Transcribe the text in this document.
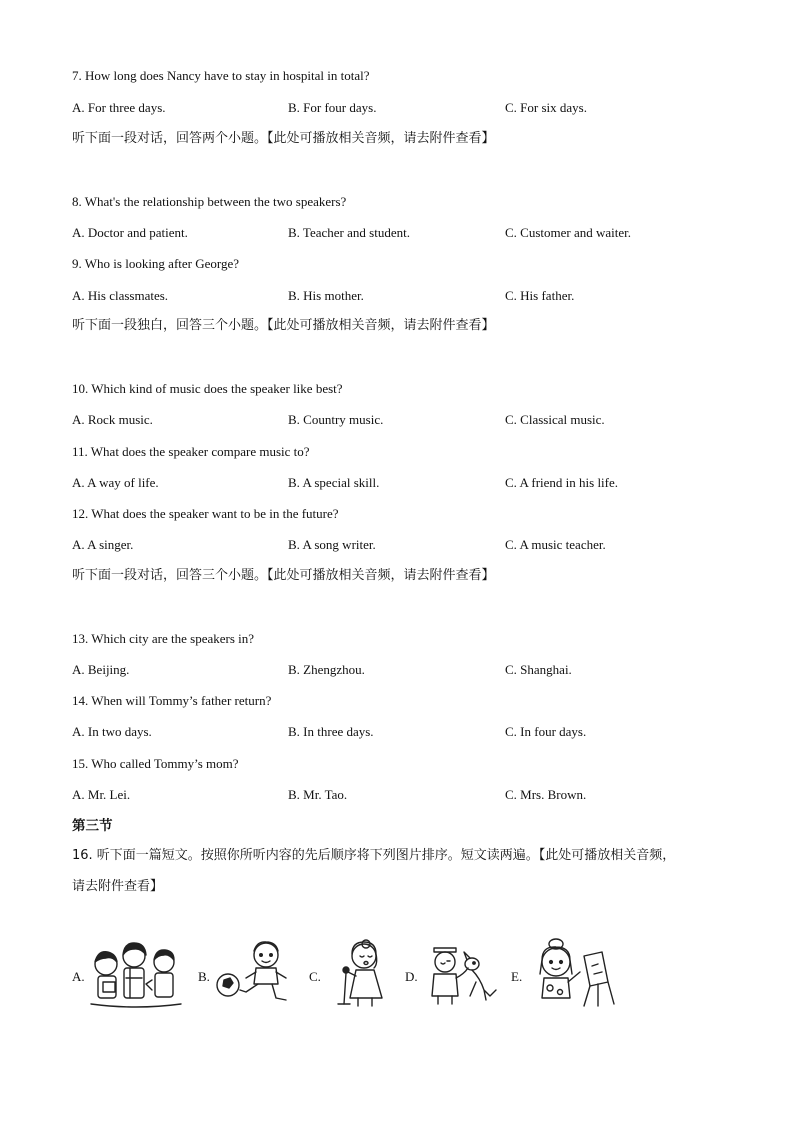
7. How long does Nancy have to stay in hospital in total?
A. For three days.	B. For four days.	C. For six days.
听下面一段对话，回答两个小题。【此处可播放相关音频，请去附件查看】
8. What's the relationship between the two speakers?
A. Doctor and patient.	B. Teacher and student.	C. Customer and waiter.
9. Who is looking after George?
A. His classmates.	B. His mother.	C. His father.
听下面一段独白，回答三个小题。【此处可播放相关音频，请去附件查看】
10. Which kind of music does the speaker like best?
A. Rock music.	B. Country music.	C. Classical music.
11. What does the speaker compare music to?
A. A way of life.	B. A special skill.	C. A friend in his life.
12. What does the speaker want to be in the future?
A. A singer.	B. A song writer.	C. A music teacher.
听下面一段对话，回答三个小题。【此处可播放相关音频，请去附件查看】
13. Which city are the speakers in?
A. Beijing.	B. Zhengzhou.	C. Shanghai.
14. When will Tommy’s father return?
A. In two days.	B. In three days.	C. In four days.
15. Who called Tommy’s mom?
A. Mr. Lei.	B. Mr. Tao.	C. Mrs. Brown.
第三节
16. 听下面一篇短文。按照你所听内容的先后顺序将下列图片排序。短文读两遍。【此处可播放相关音频，
请去附件查看】
A.	B.	C.	D.	E.
